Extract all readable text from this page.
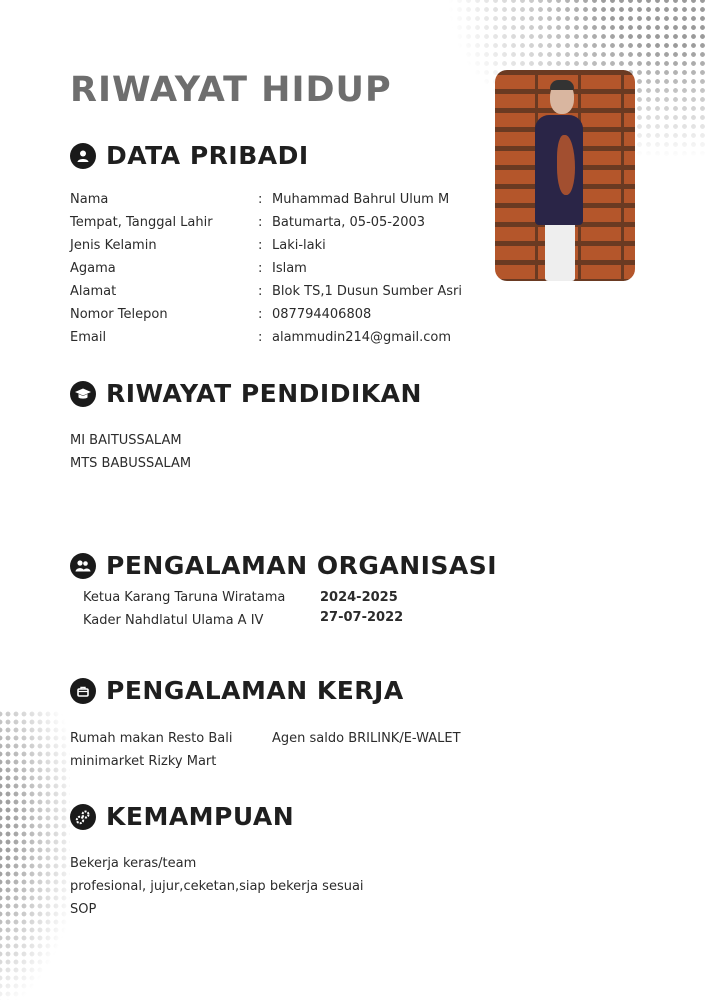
RIWAYAT HIDUP
DATA PRIBADI
Nama	: Muhammad Bahrul Ulum M
Tempat, Tanggal Lahir	: Batumarta, 05-05-2003
Jenis Kelamin	: Laki-laki
Agama	: Islam
Alamat	: Blok TS,1 Dusun Sumber Asri
Nomor Telepon	: 087794406808
Email	: alammudin214@gmail.com
RIWAYAT PENDIDIKAN
MI BAITUSSALAM
MTS BABUSSALAM
PENGALAMAN ORGANISASI
Ketua Karang Taruna Wiratama	2024-2025
Kader Nahdlatul Ulama A IV	27-07-2022
PENGALAMAN KERJA
Rumah makan Resto Bali	Agen saldo BRILINK/E-WALET
minimarket Rizky Mart
KEMAMPUAN
Bekerja keras/team
profesional, jujur,ceketan,siap bekerja sesuai
SOP
